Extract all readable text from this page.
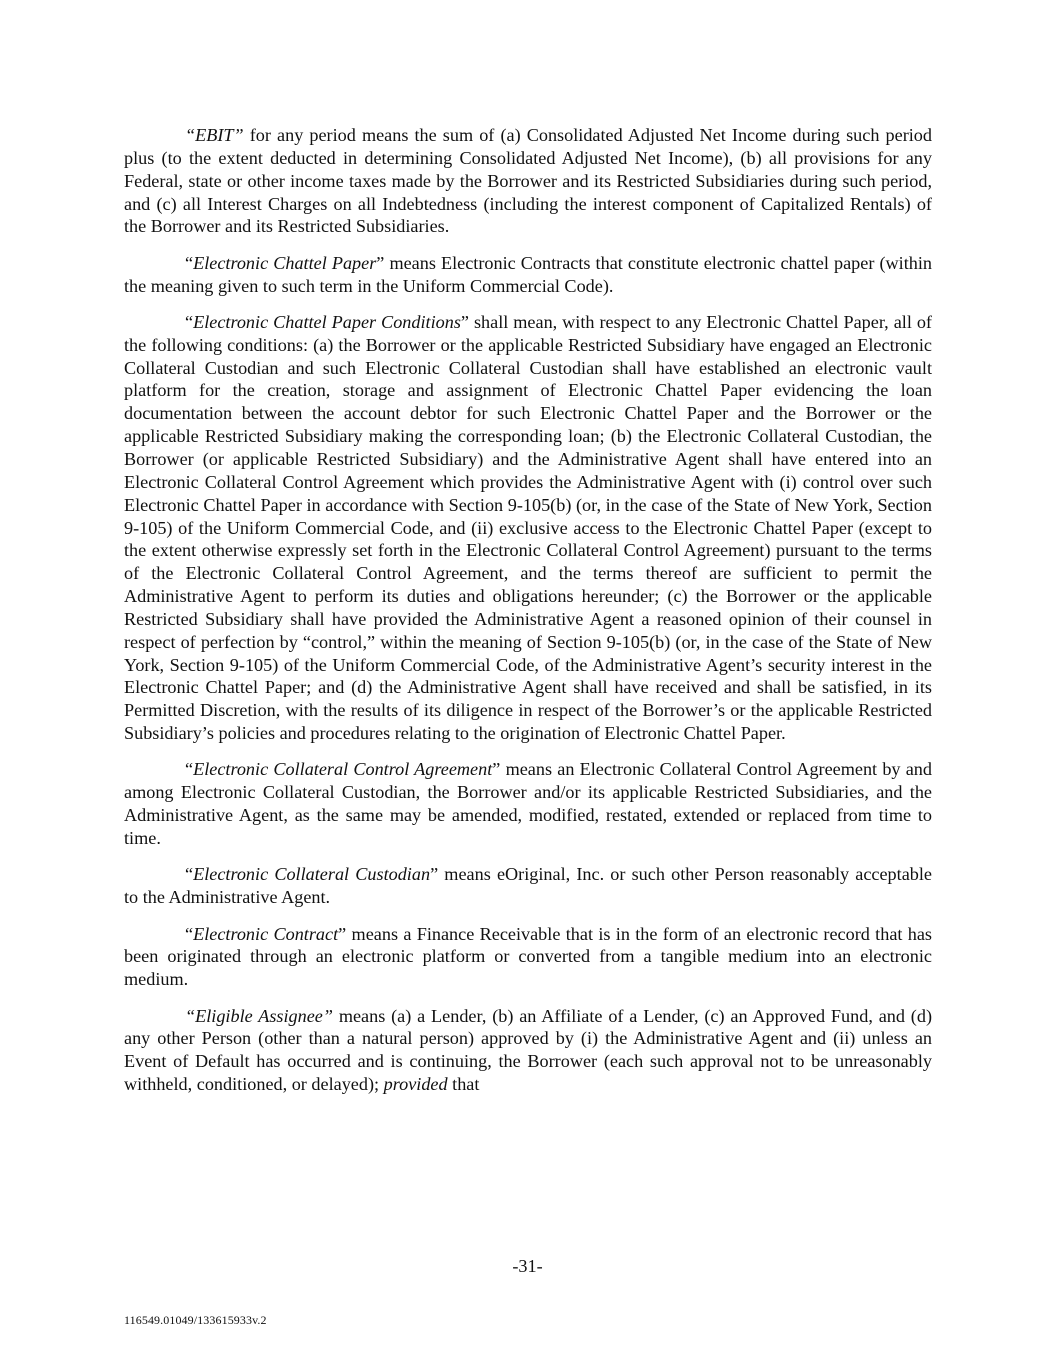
“EBIT” for any period means the sum of (a) Consolidated Adjusted Net Income during such period plus (to the extent deducted in determining Consolidated Adjusted Net Income), (b) all provisions for any Federal, state or other income taxes made by the Borrower and its Restricted Subsidiaries during such period, and (c) all Interest Charges on all Indebtedness (including the interest component of Capitalized Rentals) of the Borrower and its Restricted Subsidiaries.

“Electronic Chattel Paper” means Electronic Contracts that constitute electronic chattel paper (within the meaning given to such term in the Uniform Commercial Code).

“Electronic Chattel Paper Conditions” shall mean, with respect to any Electronic Chattel Paper, all of the following conditions: (a) the Borrower or the applicable Restricted Subsidiary have engaged an Electronic Collateral Custodian and such Electronic Collateral Custodian shall have established an electronic vault platform for the creation, storage and assignment of Electronic Chattel Paper evidencing the loan documentation between the account debtor for such Electronic Chattel Paper and the Borrower or the applicable Restricted Subsidiary making the corresponding loan; (b) the Electronic Collateral Custodian, the Borrower (or applicable Restricted Subsidiary) and the Administrative Agent shall have entered into an Electronic Collateral Control Agreement which provides the Administrative Agent with (i) control over such Electronic Chattel Paper in accordance with Section 9-105(b) (or, in the case of the State of New York, Section 9-105) of the Uniform Commercial Code, and (ii) exclusive access to the Electronic Chattel Paper (except to the extent otherwise expressly set forth in the Electronic Collateral Control Agreement) pursuant to the terms of the Electronic Collateral Control Agreement, and the terms thereof are sufficient to permit the Administrative Agent to perform its duties and obligations hereunder; (c) the Borrower or the applicable Restricted Subsidiary shall have provided the Administrative Agent a reasoned opinion of their counsel in respect of perfection by “control,” within the meaning of Section 9-105(b) (or, in the case of the State of New York, Section 9-105) of the Uniform Commercial Code, of the Administrative Agent’s security interest in the Electronic Chattel Paper; and (d) the Administrative Agent shall have received and shall be satisfied, in its Permitted Discretion, with the results of its diligence in respect of the Borrower’s or the applicable Restricted Subsidiary’s policies and procedures relating to the origination of Electronic Chattel Paper.

“Electronic Collateral Control Agreement” means an Electronic Collateral Control Agreement by and among Electronic Collateral Custodian, the Borrower and/or its applicable Restricted Subsidiaries, and the Administrative Agent, as the same may be amended, modified, restated, extended or replaced from time to time.

“Electronic Collateral Custodian” means eOriginal, Inc. or such other Person reasonably acceptable to the Administrative Agent.

“Electronic Contract” means a Finance Receivable that is in the form of an electronic record that has been originated through an electronic platform or converted from a tangible medium into an electronic medium.

“Eligible Assignee” means (a) a Lender, (b) an Affiliate of a Lender, (c) an Approved Fund, and (d) any other Person (other than a natural person) approved by (i) the Administrative Agent and (ii) unless an Event of Default has occurred and is continuing, the Borrower (each such approval not to be unreasonably withheld, conditioned, or delayed); provided that

-31-
116549.01049/133615933v.2
